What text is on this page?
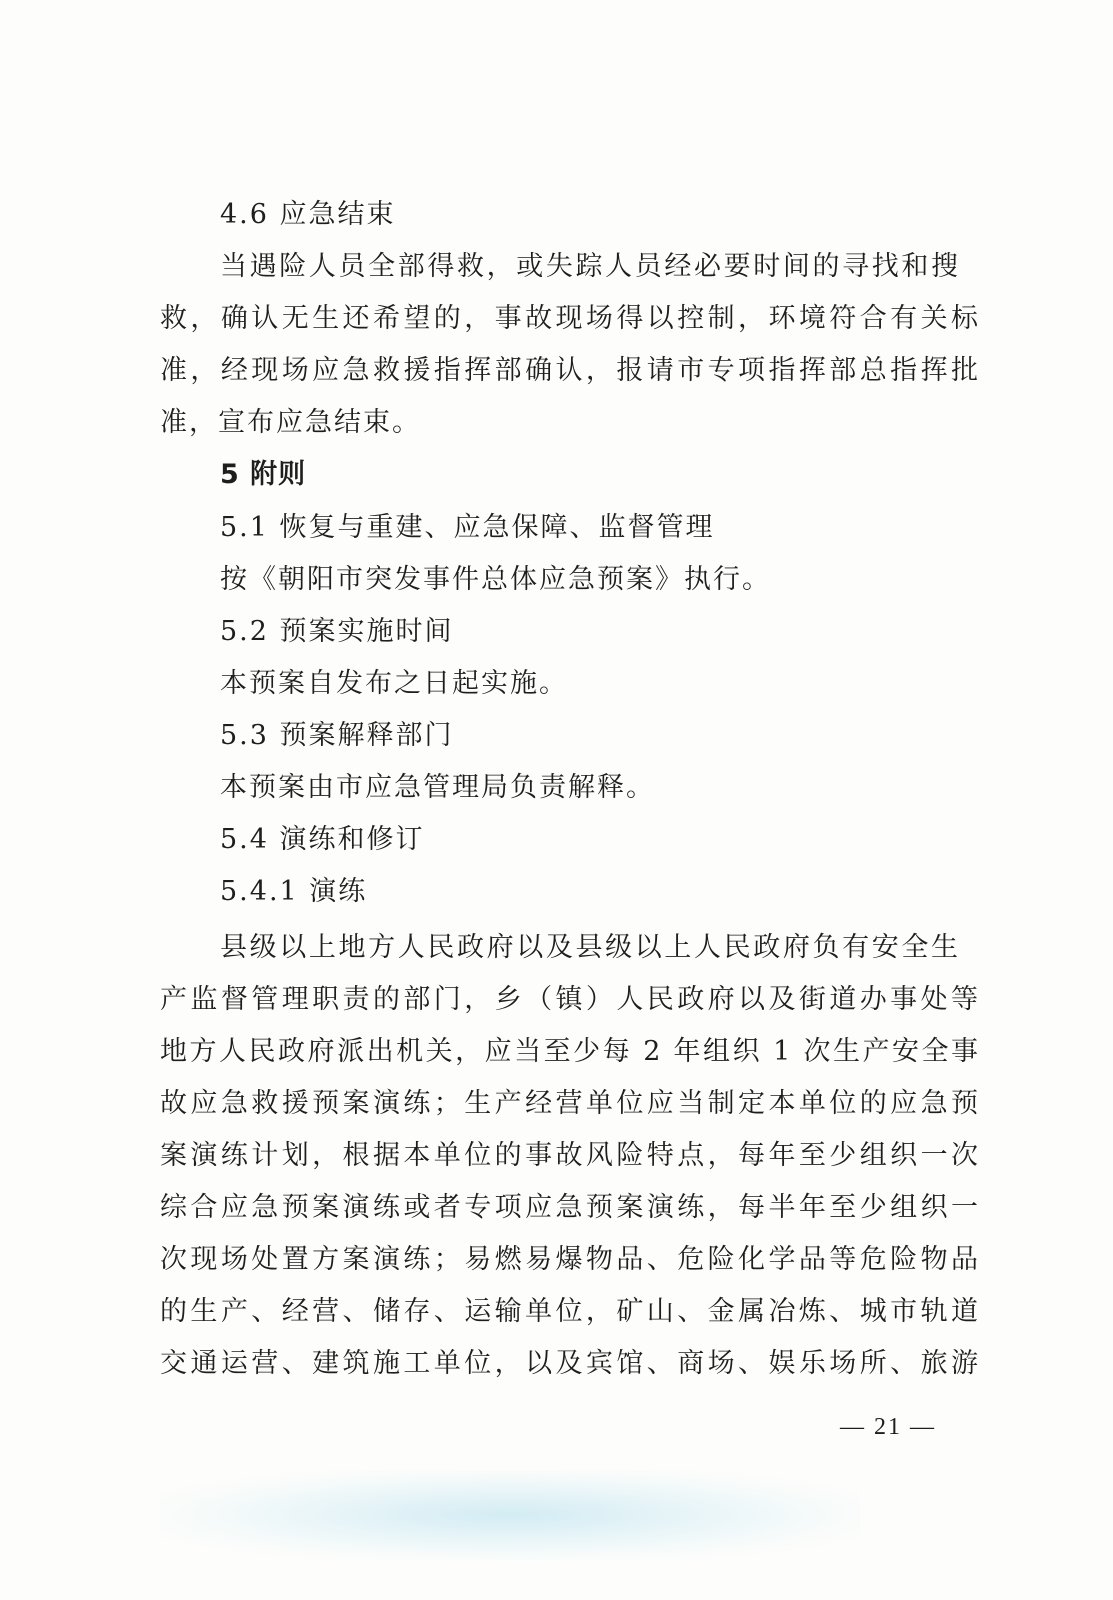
4.6 应急结束
当遇险人员全部得救，或失踪人员经必要时间的寻找和搜
救，确认无生还希望的，事故现场得以控制，环境符合有关标
准，经现场应急救援指挥部确认，报请市专项指挥部总指挥批
准，宣布应急结束。
5 附则
5.1 恢复与重建、应急保障、监督管理
按《朝阳市突发事件总体应急预案》执行。
5.2 预案实施时间
本预案自发布之日起实施。
5.3 预案解释部门
本预案由市应急管理局负责解释。
5.4 演练和修订
5.4.1 演练
县级以上地方人民政府以及县级以上人民政府负有安全生
产监督管理职责的部门，乡（镇）人民政府以及街道办事处等
地方人民政府派出机关，应当至少每 2 年组织 1 次生产安全事
故应急救援预案演练；生产经营单位应当制定本单位的应急预
案演练计划，根据本单位的事故风险特点，每年至少组织一次
综合应急预案演练或者专项应急预案演练，每半年至少组织一
次现场处置方案演练；易燃易爆物品、危险化学品等危险物品
的生产、经营、储存、运输单位，矿山、金属冶炼、城市轨道
交通运营、建筑施工单位，以及宾馆、商场、娱乐场所、旅游
— 21 —
